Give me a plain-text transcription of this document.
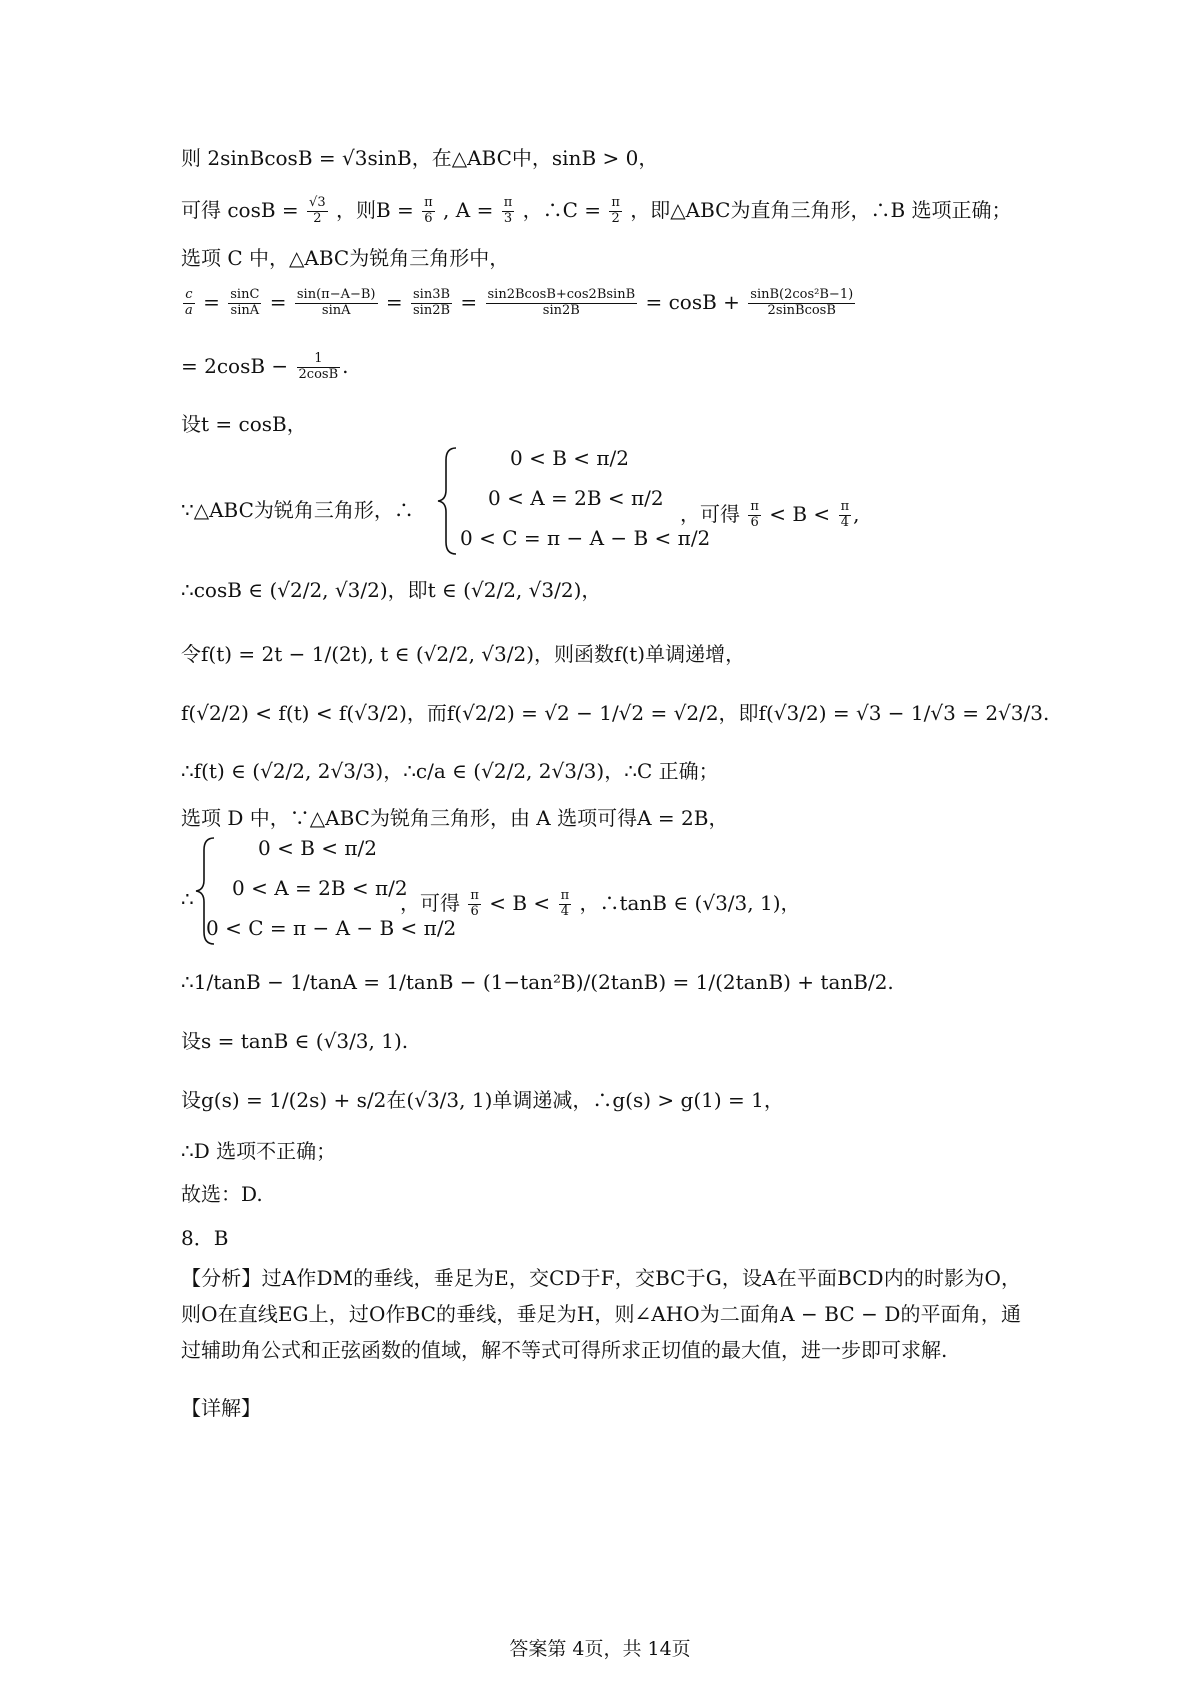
则 2sinBcosB = √3sinB，在△ABC中，sinB > 0，
可得 $\cos B = \frac{√3}{2}$ ，则$B = \frac{\pi}{6}$ , $A = \frac{\pi}{3}$ ，∴C = $\frac{\pi}{2}$ ，即△ABC为直角三角形，∴B 选项正确；
选项 C 中，△ABC为锐角三角形中，
$\frac{c}{a} = \frac{\sin C}{\sin A} = \frac{\sin(\pi-A-B)}{\sin A} = \frac{\sin 3B}{\sin 2B} = \frac{\sin 2BcosB+\cos 2BsinB}{\sin 2B} = \cos B + \frac{\text{sinB(2cos²B−1)}}{\text{2sinBcosB}}$
= $2\cos B - \frac{1}{2\cos B}$ .
设t = cosB，
∵△ABC为锐角三角形，∴
0 < B < π/2
0 < A = 2B < π/2
0 < C = π − A − B < π/2
，可得 $\frac{\pi}{6} < B < \frac{\pi}{4}$ ,
∴cosB ∈ (√2/2, √3/2)，即t ∈ (√2/2, √3/2)，
令f(t) = 2t − 1/(2t), t ∈ (√2/2, √3/2)，则函数f(t)单调递增，
f(√2/2) < f(t) < f(√3/2)，而f(√2/2) = √2 − 1/√2 = √2/2，即f(√3/2) = √3 − 1/√3 = 2√3/3.
∴f(t) ∈ (√2/2, 2√3/3)，∴c/a ∈ (√2/2, 2√3/3)，∴C 正确；
选项 D 中，∵△ABC为锐角三角形，由 A 选项可得A = 2B，
∴
0 < B < π/2
0 < A = 2B < π/2
0 < C = π − A − B < π/2
，可得 $\frac{\pi}{6} < B < \frac{\pi}{4}$ ，∴tanB ∈ (√3/3, 1)，
∴1/tanB − 1/tanA = 1/tanB − (1−tan²B)/(2tanB) = 1/(2tanB) + tanB/2.
设s = tanB ∈ (√3/3, 1).
设g(s) = 1/(2s) + s/2在(√3/3, 1)单调递减，∴g(s) > g(1) = 1，
∴D 选项不正确；
故选：D.
8．B
【分析】过A作DM的垂线，垂足为E，交CD于F，交BC于G，设A在平面BCD内的时影为O，则O在直线EG上，过O作BC的垂线，垂足为H，则∠AHO为二面角A − BC − D的平面角，通过辅助角公式和正弦函数的值域，解不等式可得所求正切值的最大值，进一步即可求解.
【详解】
答案第 4页，共 14页
